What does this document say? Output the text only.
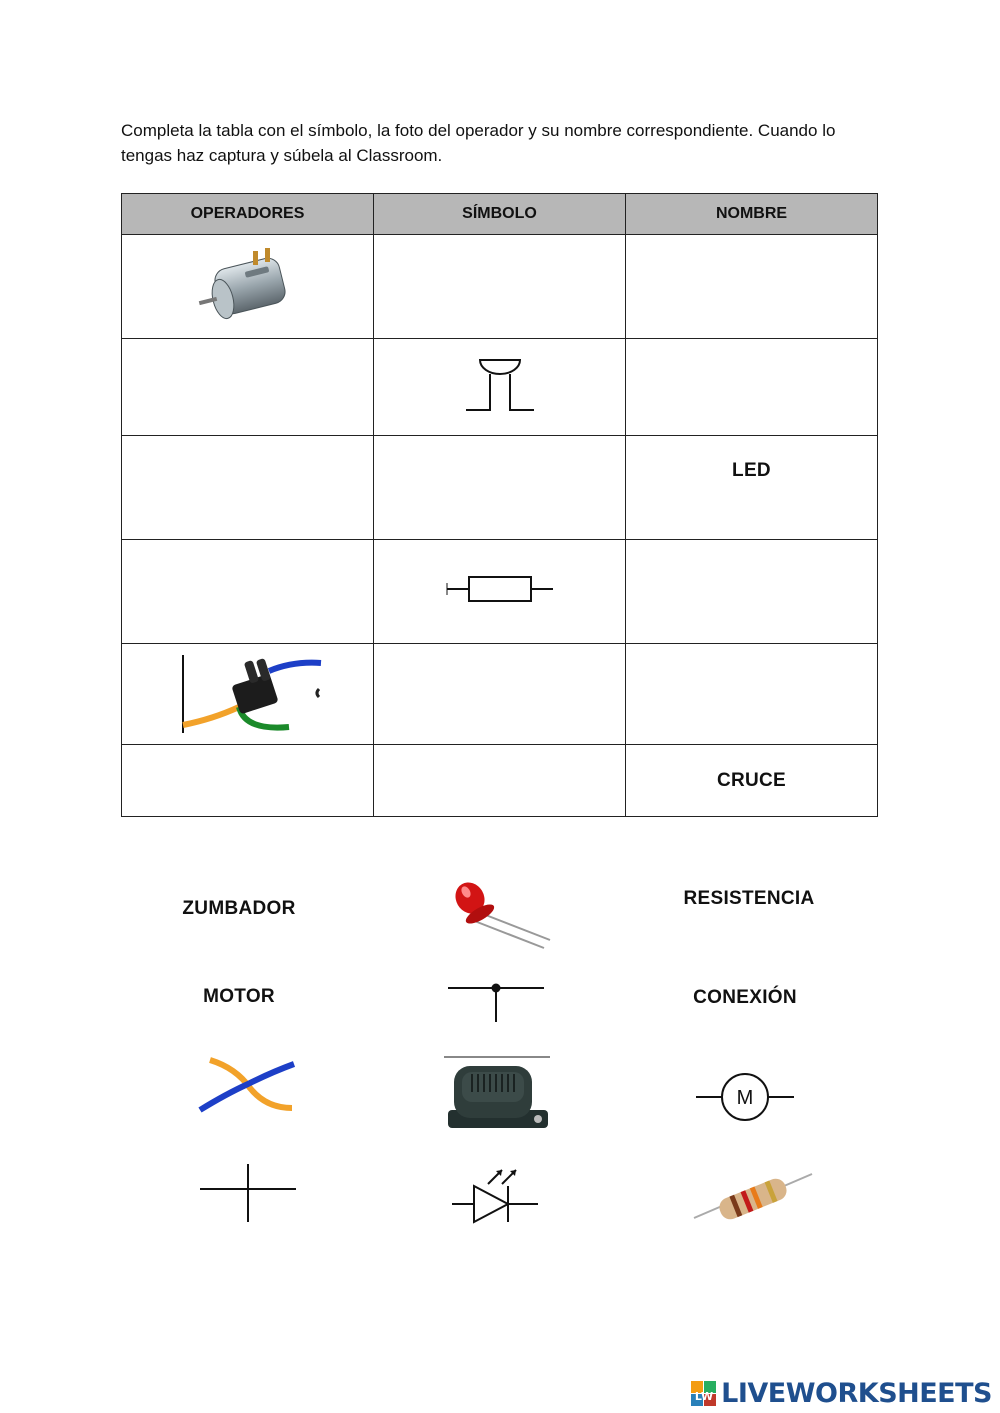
Completa la tabla con el símbolo, la foto del operador y su nombre correspondiente. Cuando lo tengas haz captura y súbela al Classroom.

OPERADORES	SÍMBOLO	NOMBRE

		LED

		CRUCE
ZUMBADOR	RESISTENCIA
MOTOR	CONEXIÓN
M
LW LIVEWORKSHEETS
